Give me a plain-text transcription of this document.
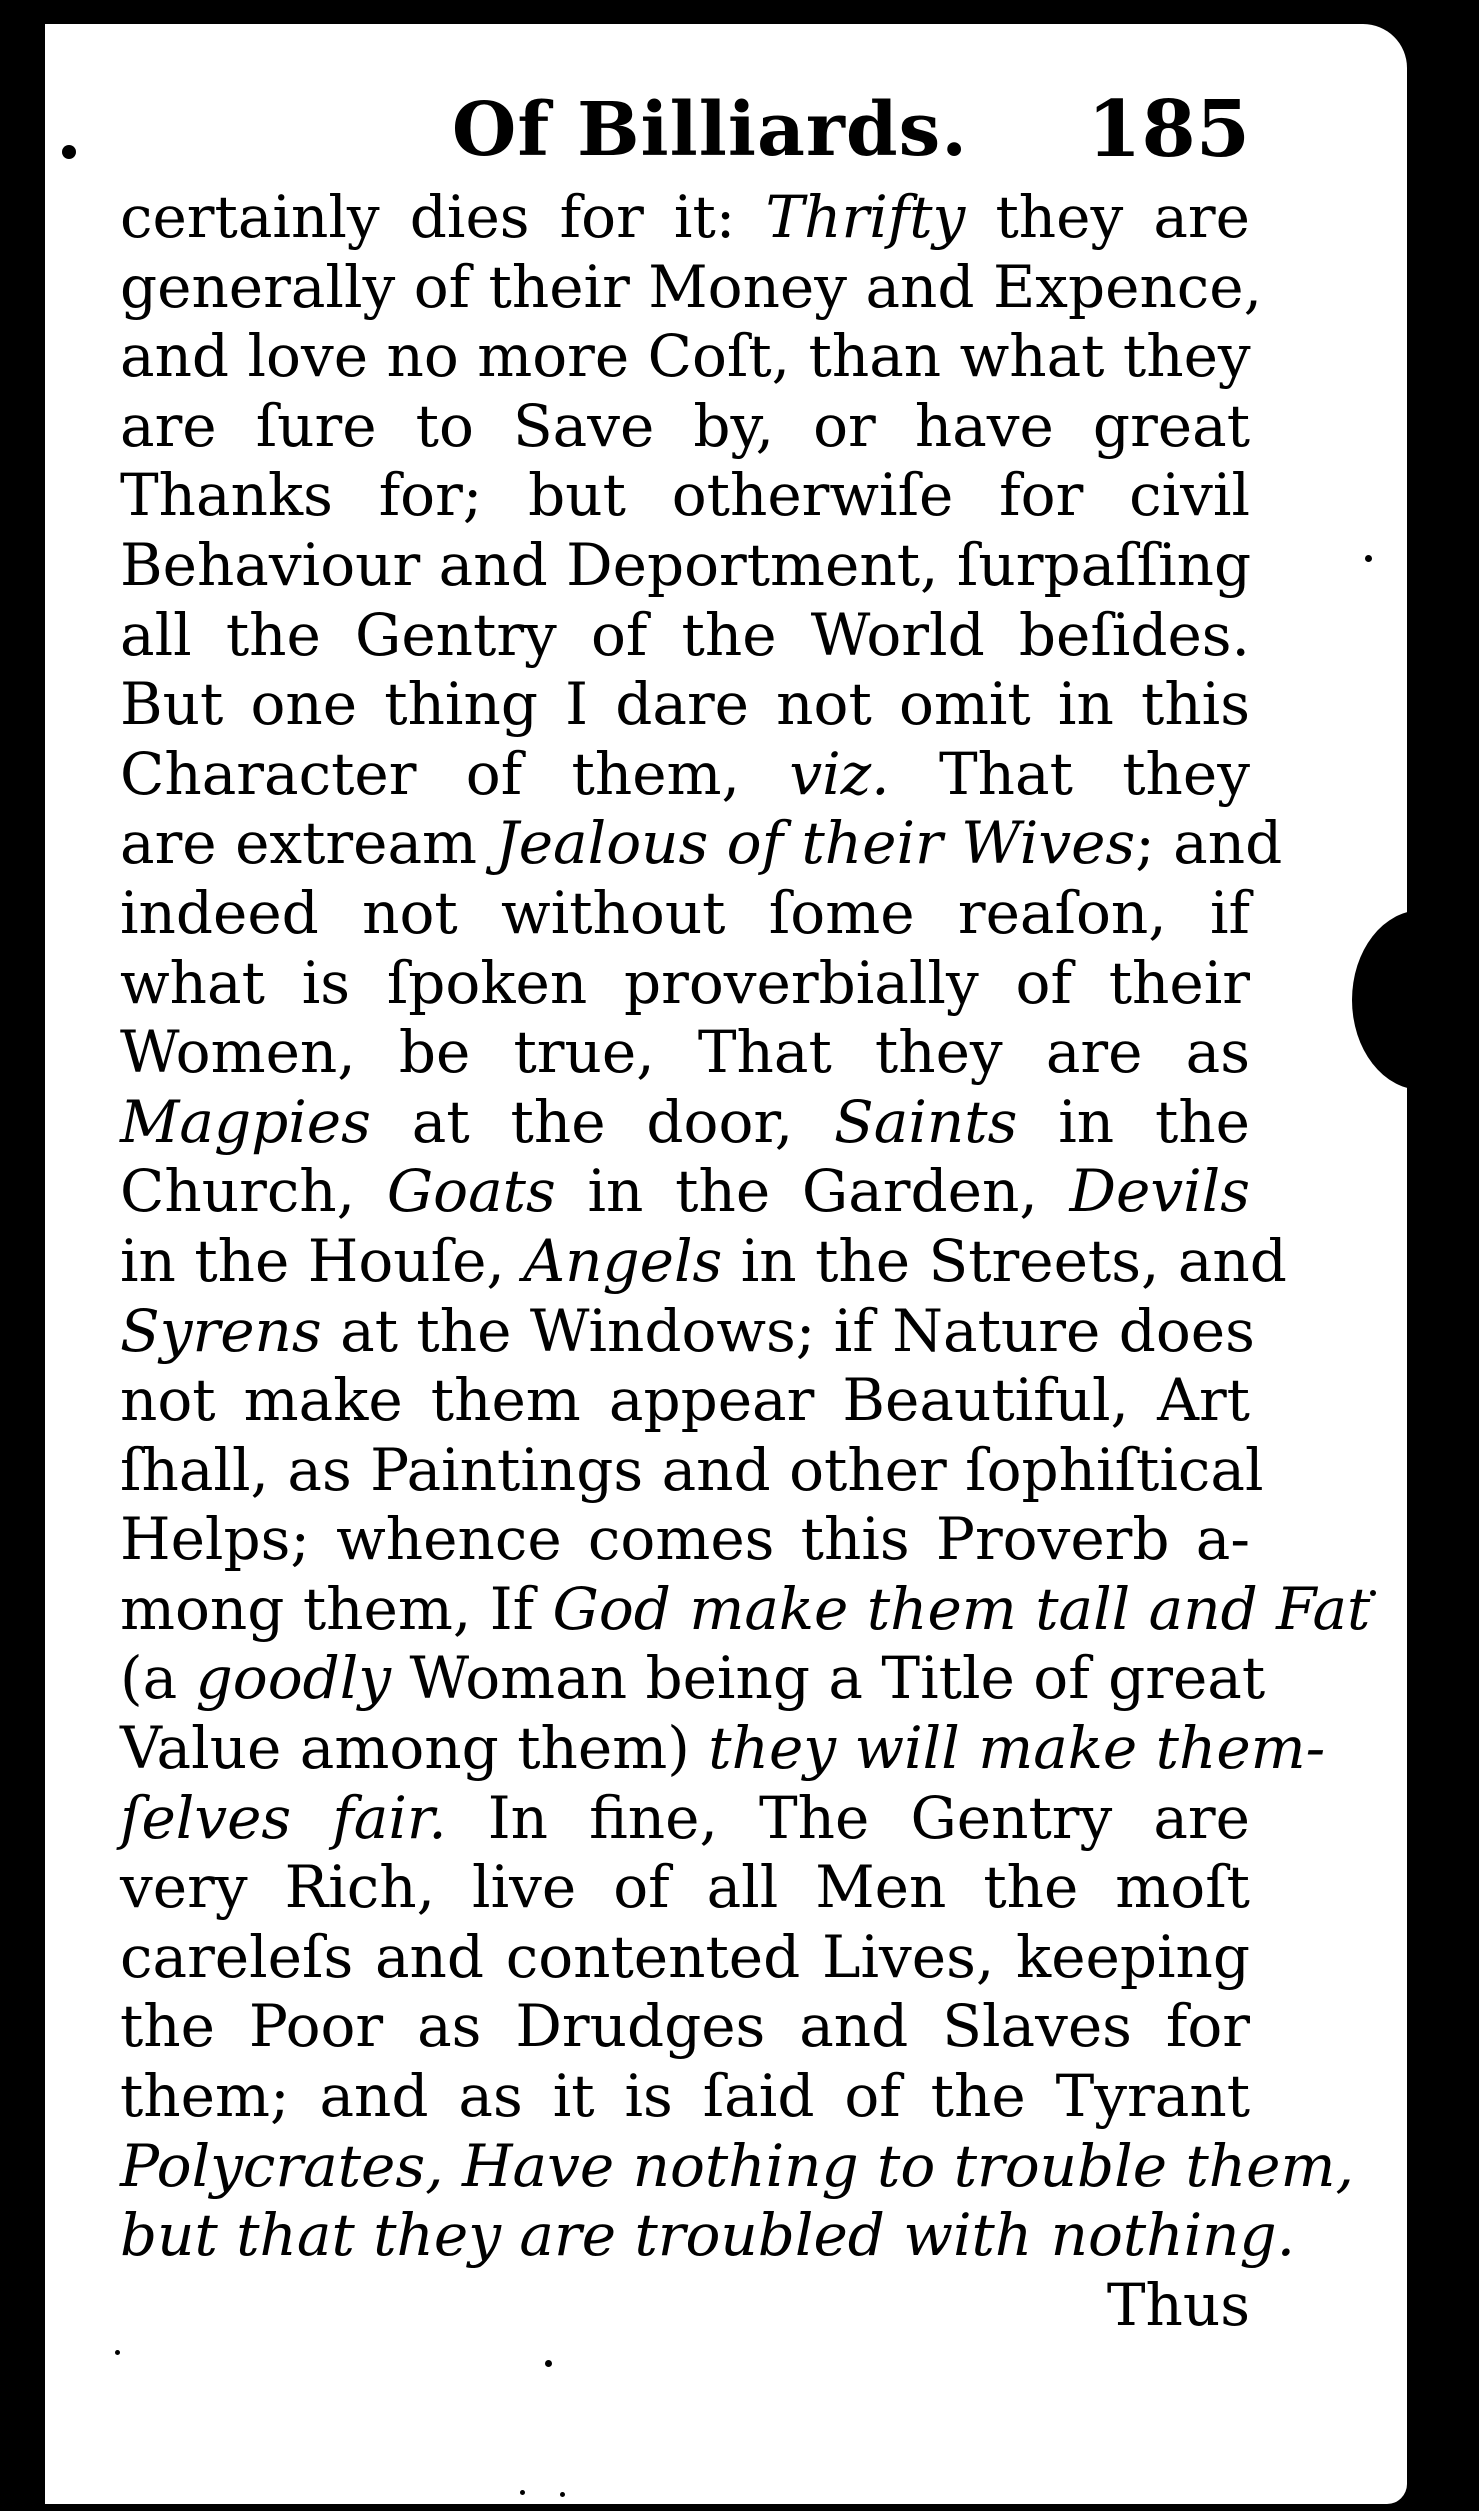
Of Billiards. 185
certainly dies for it: Thrifty they are
generally of their Money and Expence,
and love no more Coſt, than what they
are ſure to Save by, or have great
Thanks for; but otherwiſe for civil
Behaviour and Deportment, ſurpaſſing
all the Gentry of the World beſides.
But one thing I dare not omit in this
Character of them, viz. That they
are extream Jealous of their Wives; and
indeed not without ſome reaſon, if
what is ſpoken proverbially of their
Women, be true, That they are as
Magpies at the door, Saints in the
Church, Goats in the Garden, Devils
in the Houſe, Angels in the Streets, and
Syrens at the Windows; if Nature does
not make them appear Beautiful, Art
ſhall, as Paintings and other ſophiſtical
Helps; whence comes this Proverb a-
mong them, If God make them tall and Fat
(a goodly Woman being a Title of great
Value among them) they will make them-
ſelves fair. In fine, The Gentry are
very Rich, live of all Men the moſt
careleſs and contented Lives, keeping
the Poor as Drudges and Slaves for
them; and as it is ſaid of the Tyrant
Polycrates, Have nothing to trouble them,
but that they are troubled with nothing.
Thus
